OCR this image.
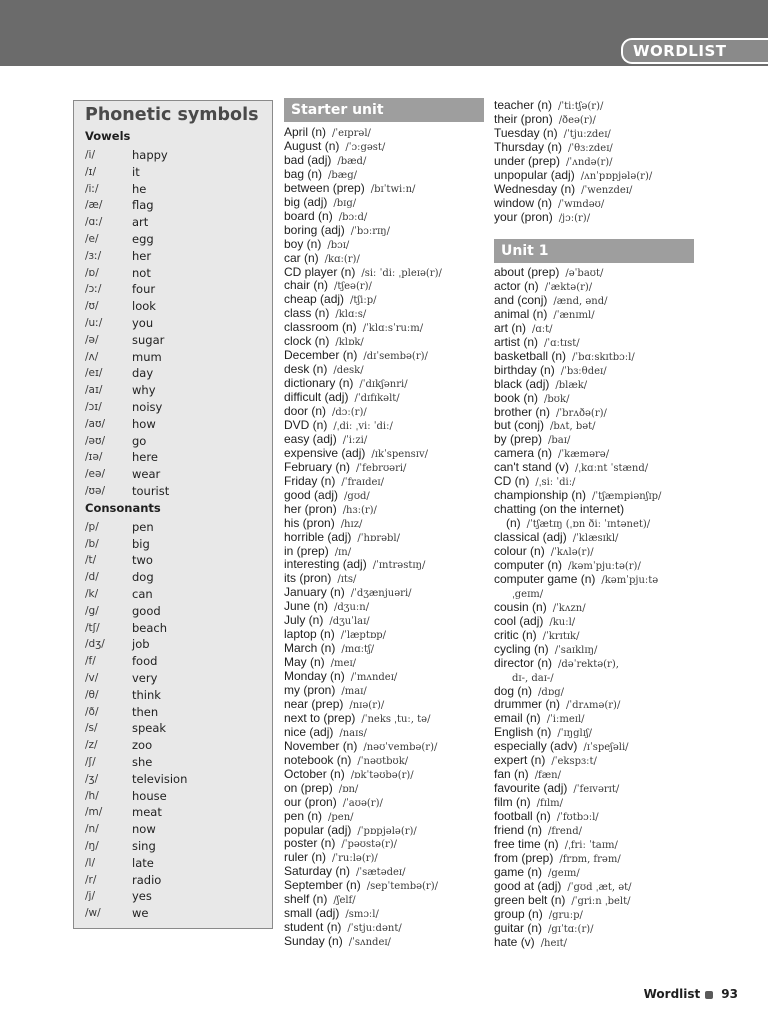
WORDLIST
Phonetic symbols
Vowels
/i/	happy
/ɪ/	it
/iː/	he
/æ/	flag
/ɑː/	art
/e/	egg
/ɜː/	her
/ɒ/	not
/ɔː/	four
/ʊ/	look
/uː/	you
/ə/	sugar
/ʌ/	mum
/eɪ/	day
/aɪ/	why
/ɔɪ/	noisy
/aʊ/	how
/əʊ/	go
/ɪə/	here
/eə/	wear
/ʊə/	tourist
Consonants
/p/	pen
/b/	big
/t/	two
/d/	dog
/k/	can
/g/	good
/tʃ/	beach
/dʒ/	job
/f/	food
/v/	very
/θ/	think
/ð/	then
/s/	speak
/z/	zoo
/ʃ/	she
/ʒ/	television
/h/	house
/m/	meat
/n/	now
/ŋ/	sing
/l/	late
/r/	radio
/j/	yes
/w/	we
Starter unit
Unit 1
April (n) /ˈeɪprəl/
August (n) /ˈɔːgəst/
bad (adj) /bæd/
bag (n) /bæg/
between (prep) /bɪˈtwiːn/
big (adj) /bɪg/
board (n) /bɔːd/
boring (adj) /ˈbɔːrɪŋ/
boy (n) /bɔɪ/
car (n) /kɑː(r)/
CD player (n) /siː ˈdiː ˌpleɪə(r)/
chair (n) /tʃeə(r)/
cheap (adj) /tʃiːp/
class (n) /klɑːs/
classroom (n) /ˈklɑːsˈruːm/
clock (n) /klɒk/
December (n) /dɪˈsembə(r)/
desk (n) /desk/
dictionary (n) /ˈdɪkʃənri/
difficult (adj) /ˈdɪfɪkəlt/
door (n) /dɔː(r)/
DVD (n) /ˌdiː ˌviː ˈdiː/
easy (adj) /ˈiːzi/
expensive (adj) /ɪkˈspensɪv/
February (n) /ˈfebrʊəri/
Friday (n) /ˈfraɪdeɪ/
good (adj) /gʊd/
her (pron) /hɜː(r)/
his (pron) /hɪz/
horrible (adj) /ˈhɒrəbl/
in (prep) /ɪn/
interesting (adj) /ˈɪntrəstɪŋ/
its (pron) /ɪts/
January (n) /ˈdʒænjuəri/
June (n) /dʒuːn/
July (n) /dʒuˈlaɪ/
laptop (n) /ˈlæptɒp/
March (n) /mɑːtʃ/
May (n) /meɪ/
Monday (n) /ˈmʌndeɪ/
my (pron) /maɪ/
near (prep) /nɪə(r)/
next to (prep) /ˈneks ˌtuː, tə/
nice (adj) /naɪs/
November (n) /nəʊˈvembə(r)/
notebook (n) /ˈnəʊtbʊk/
October (n) /ɒkˈtəʊbə(r)/
on (prep) /ɒn/
our (pron) /ˈaʊə(r)/
pen (n) /pen/
popular (adj) /ˈpɒpjələ(r)/
poster (n) /ˈpəʊstə(r)/
ruler (n) /ˈruːlə(r)/
Saturday (n) /ˈsætədeɪ/
September (n) /sepˈtembə(r)/
shelf (n) /ʃelf/
small (adj) /smɔːl/
student (n) /ˈstjuːdənt/
Sunday (n) /ˈsʌndeɪ/
teacher (n) /ˈtiːtʃə(r)/
their (pron) /ðeə(r)/
Tuesday (n) /ˈtjuːzdeɪ/
Thursday (n) /ˈθɜːzdeɪ/
under (prep) /ˈʌndə(r)/
unpopular (adj) /ʌnˈpɒpjələ(r)/
Wednesday (n) /ˈwenzdeɪ/
window (n) /ˈwɪndəʊ/
your (pron) /jɔː(r)/
about (prep) /əˈbaʊt/
actor (n) /ˈæktə(r)/
and (conj) /ænd, ənd/
animal (n) /ˈænɪml/
art (n) /ɑːt/
artist (n) /ˈɑːtɪst/
basketball (n) /ˈbɑːskɪtbɔːl/
birthday (n) /ˈbɜːθdeɪ/
black (adj) /blæk/
book (n) /bʊk/
brother (n) /ˈbrʌðə(r)/
but (conj) /bʌt, bət/
by (prep) /baɪ/
camera (n) /ˈkæmərə/
can't stand (v) /ˌkɑːnt ˈstænd/
CD (n) /ˌsiː ˈdiː/
championship (n) /ˈtʃæmpiənʃɪp/
chatting (on the internet)
(n) /ˈtʃætɪŋ (ˌɒn ðiː ˈɪntənet)/
classical (adj) /ˈklæsɪkl/
colour (n) /ˈkʌlə(r)/
computer (n) /kəmˈpjuːtə(r)/
computer game (n) /kəmˈpjuːtə
ˌgeɪm/
cousin (n) /ˈkʌzn/
cool (adj) /kuːl/
critic (n) /ˈkrɪtɪk/
cycling (n) /ˈsaɪklɪŋ/
director (n) /dəˈrektə(r),
dɪ-, daɪ-/
dog (n) /dɒg/
drummer (n) /ˈdrʌmə(r)/
email (n) /ˈiːmeɪl/
English (n) /ˈɪŋglɪʃ/
especially (adv) /ɪˈspeʃəli/
expert (n) /ˈekspɜːt/
fan (n) /fæn/
favourite (adj) /ˈfeɪvərɪt/
film (n) /fɪlm/
football (n) /ˈfʊtbɔːl/
friend (n) /frend/
free time (n) /ˌfriː ˈtaɪm/
from (prep) /frɒm, frəm/
game (n) /geɪm/
good at (adj) /ˈgʊd ˌæt, ət/
green belt (n) /ˈgriːn ˌbelt/
group (n) /gruːp/
guitar (n) /gɪˈtɑː(r)/
hate (v) /heɪt/
Wordlist 93
